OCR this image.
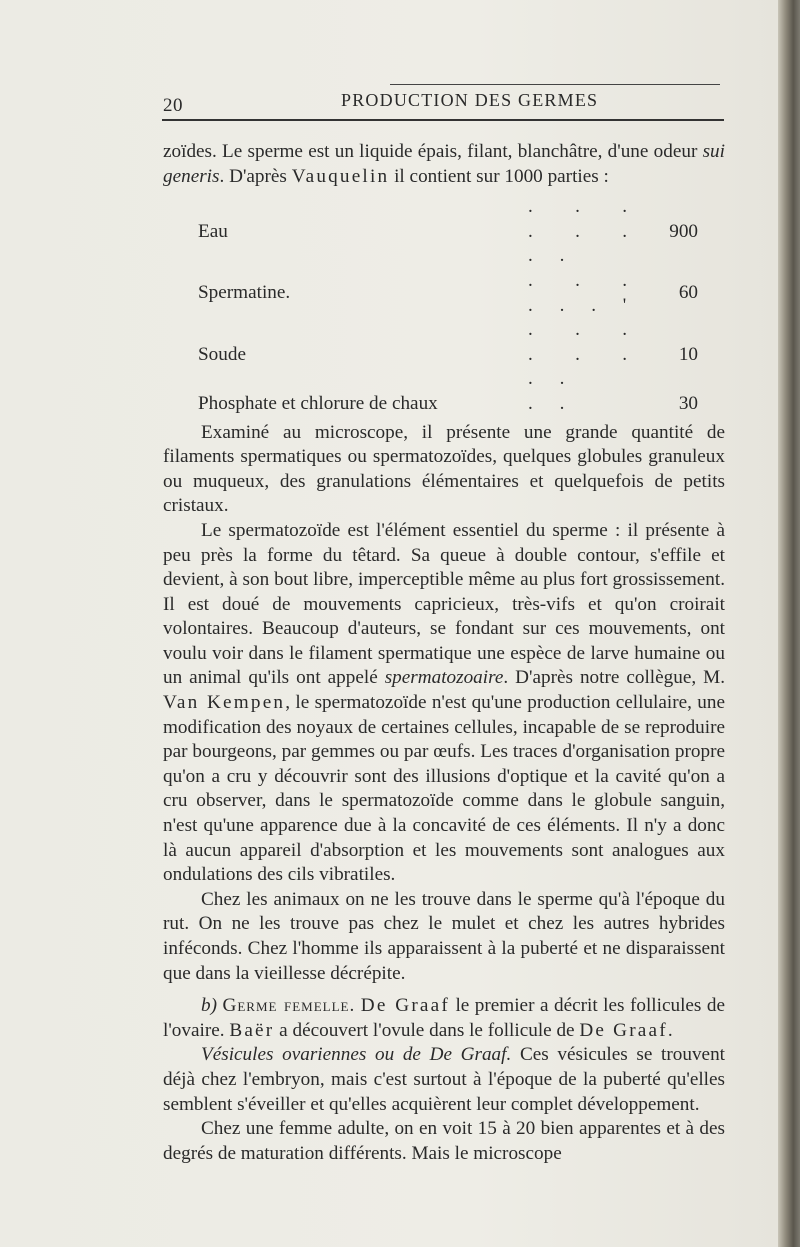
20	PRODUCTION DES GERMES

zoïdes. Le sperme est un liquide épais, filant, blanchâtre, d'une odeur sui generis. D'après Vauquelin il contient sur 1000 parties :

Eau	. . . . . . . .	900
Spermatine.	. . . . . . '	60
Soude	. . . . . . . .	10
Phosphate et chlorure de chaux	. .	30

Examiné au microscope, il présente une grande quantité de filaments spermatiques ou spermatozoïdes, quelques globules granuleux ou muqueux, des granulations élémentaires et quelquefois de petits cristaux.

Le spermatozoïde est l'élément essentiel du sperme : il présente à peu près la forme du têtard. Sa queue à double contour, s'effile et devient, à son bout libre, imperceptible même au plus fort grossissement. Il est doué de mouvements capricieux, très-vifs et qu'on croirait volontaires. Beaucoup d'auteurs, se fondant sur ces mouvements, ont voulu voir dans le filament spermatique une espèce de larve humaine ou un animal qu'ils ont appelé spermatozoaire. D'après notre collègue, M. Van Kempen, le spermatozoïde n'est qu'une production cellulaire, une modification des noyaux de certaines cellules, incapable de se reproduire par bourgeons, par gemmes ou par œufs. Les traces d'organisation propre qu'on a cru y découvrir sont des illusions d'optique et la cavité qu'on a cru observer, dans le spermatozoïde comme dans le globule sanguin, n'est qu'une apparence due à la concavité de ces éléments. Il n'y a donc là aucun appareil d'absorption et les mouvements sont analogues aux ondulations des cils vibratiles.

Chez les animaux on ne les trouve dans le sperme qu'à l'époque du rut. On ne les trouve pas chez le mulet et chez les autres hybrides inféconds. Chez l'homme ils apparaissent à la puberté et ne disparaissent que dans la vieillesse décrépite.

b) Germe femelle. De Graaf le premier a décrit les follicules de l'ovaire. Baër a découvert l'ovule dans le follicule de De Graaf.

Vésicules ovariennes ou de De Graaf. Ces vésicules se trouvent déjà chez l'embryon, mais c'est surtout à l'époque de la puberté qu'elles semblent s'éveiller et qu'elles acquièrent leur complet développement.

Chez une femme adulte, on en voit 15 à 20 bien apparentes et à des degrés de maturation différents. Mais le microscope
